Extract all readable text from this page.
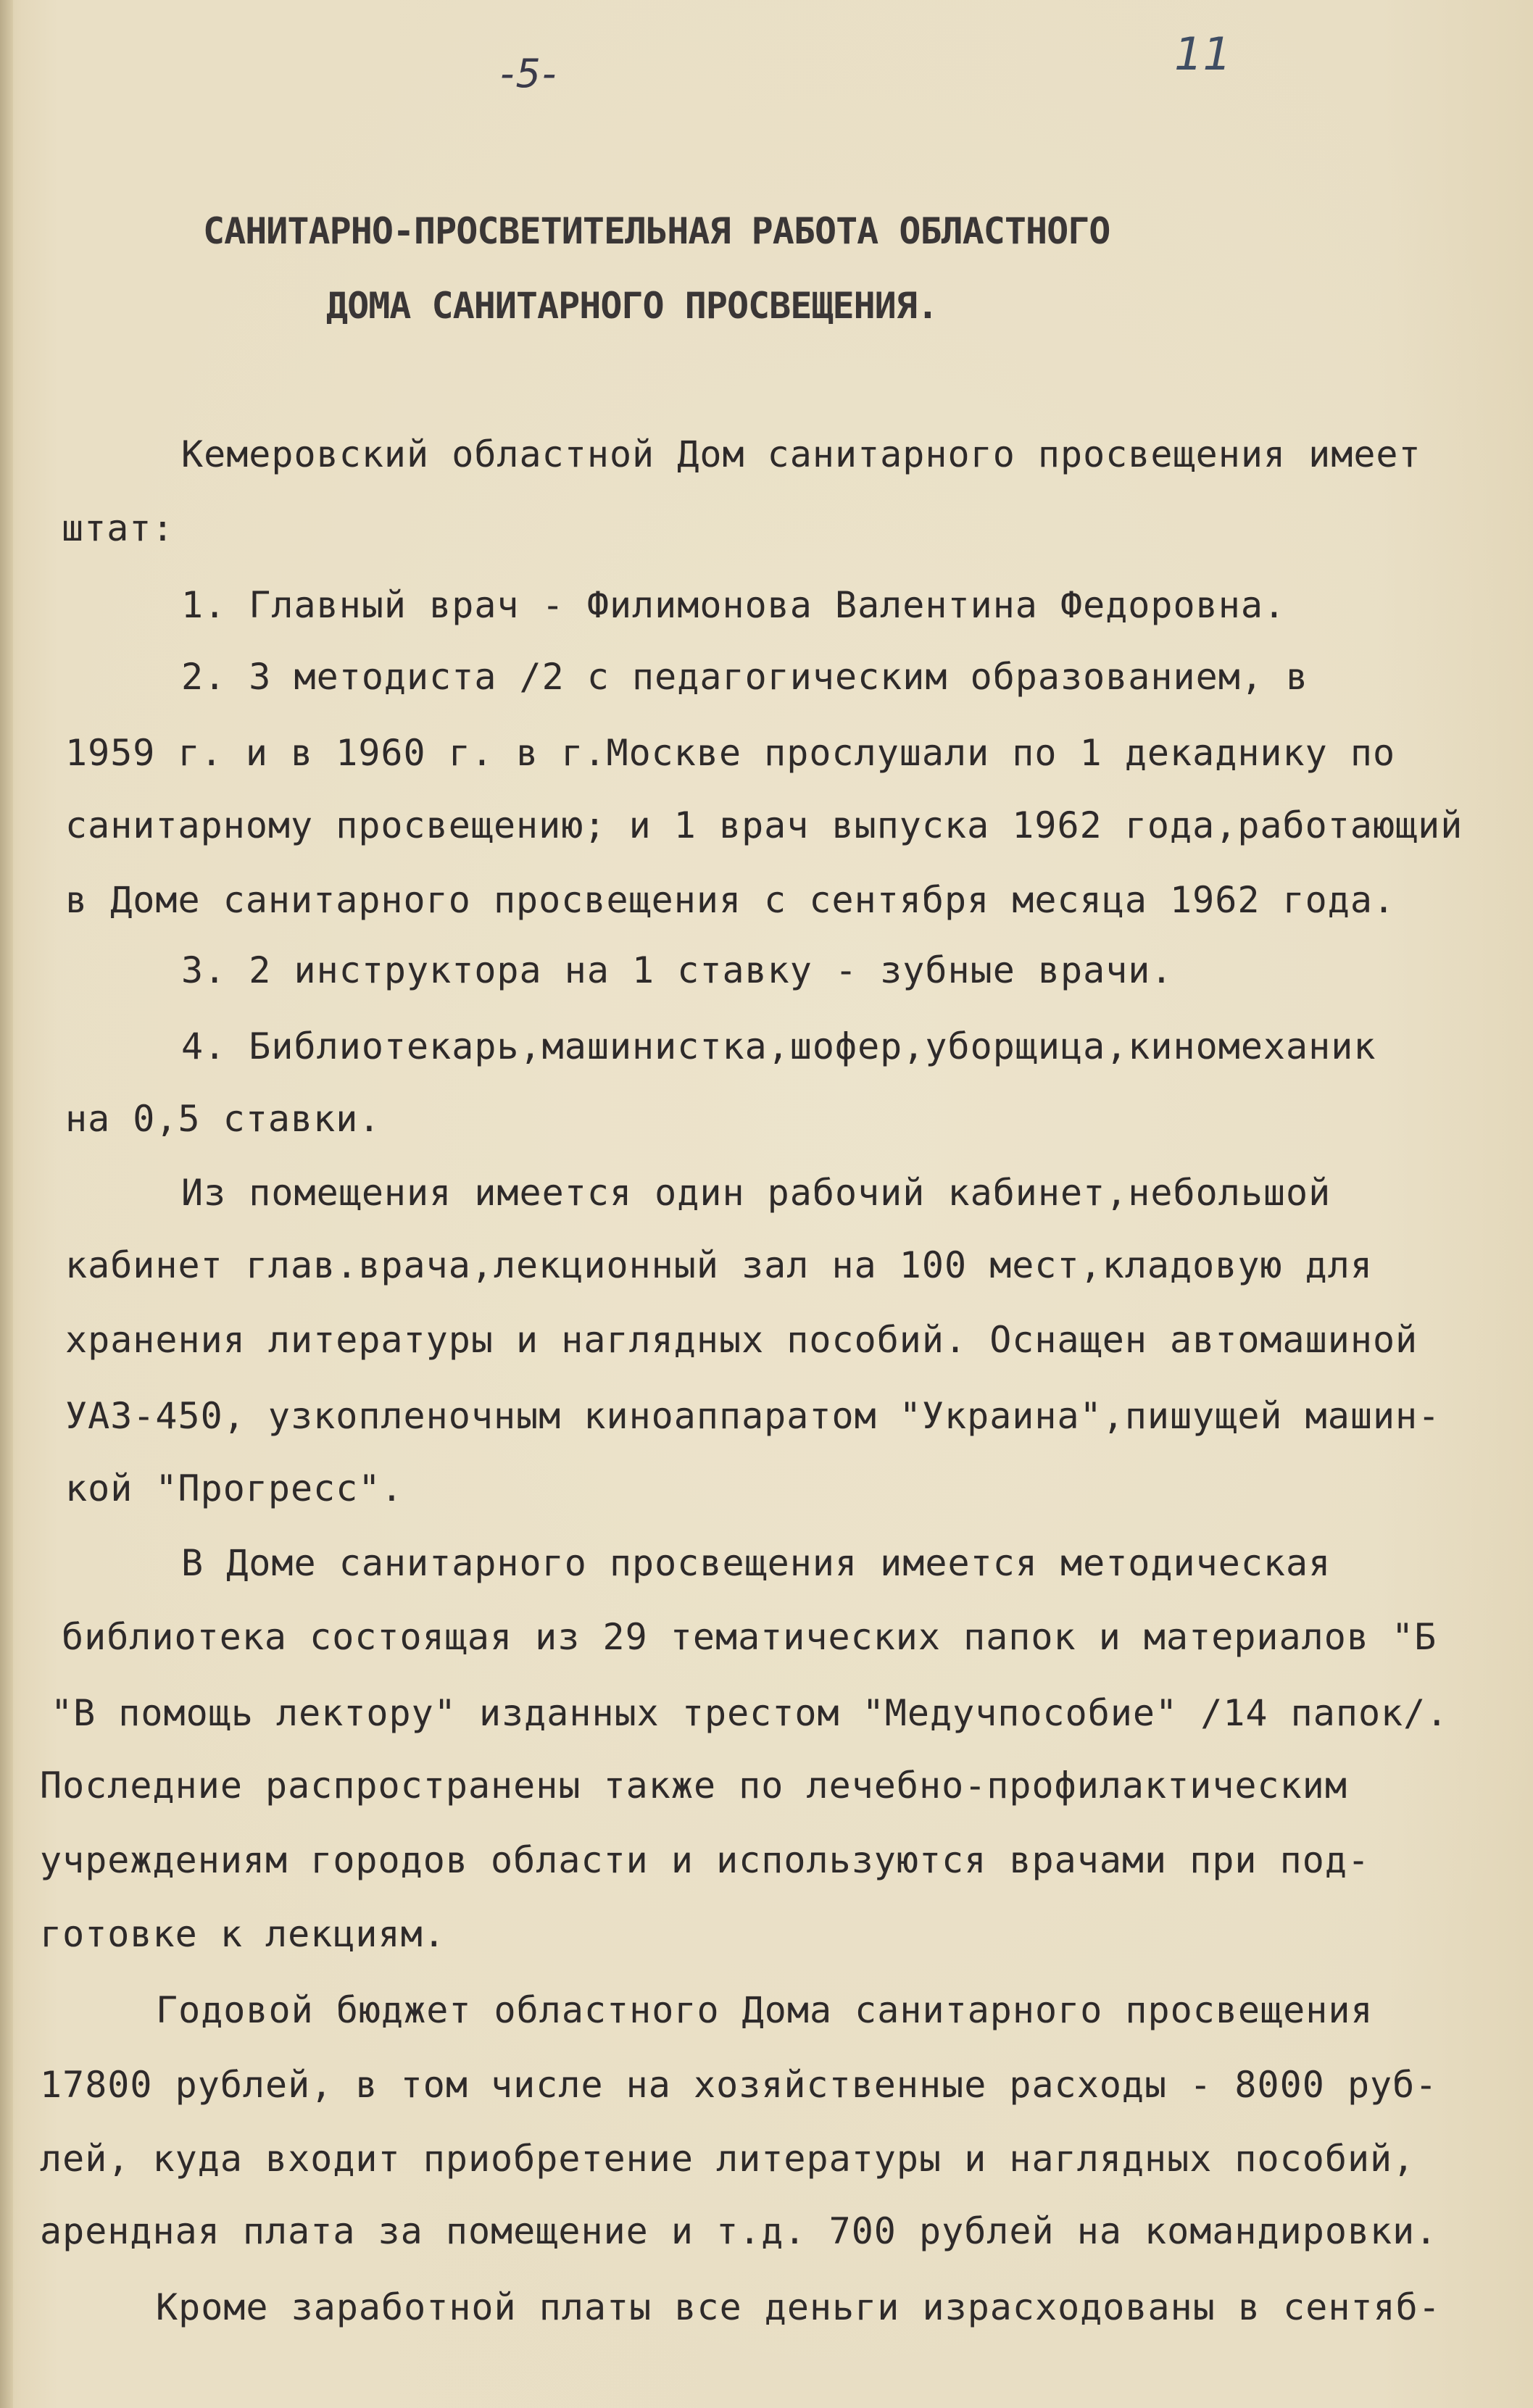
-5-	11
САНИТАРНО-ПРОСВЕТИТЕЛЬНАЯ РАБОТА ОБЛАСТНОГО
ДОМА САНИТАРНОГО ПРОСВЕЩЕНИЯ.
Кемеровский областной Дом санитарного просвещения имеет
штат:
1. Главный врач - Филимонова Валентина Федоровна.
2. 3 методиста /2 с педагогическим образованием, в
1959 г. и в 1960 г. в г.Москве прослушали по 1 декаднику по
санитарному просвещению; и 1 врач выпуска 1962 года,работающий
в Доме санитарного просвещения с сентября месяца 1962 года.
3. 2 инструктора на 1 ставку - зубные врачи.
4. Библиотекарь,машинистка,шофер,уборщица,киномеханик
на 0,5 ставки.
Из помещения имеется один рабочий кабинет,небольшой
кабинет глав.врача,лекционный зал на 100 мест,кладовую для
хранения литературы и наглядных пособий. Оснащен автомашиной
УАЗ-450, узкопленочным киноаппаратом "Украина",пишущей машин-
кой "Прогресс".
В Доме санитарного просвещения имеется методическая
библиотека состоящая из 29 тематических папок и материалов "Б
"В помощь лектору" изданных трестом "Медучпособие" /14 папок/.
Последние распространены также по лечебно-профилактическим
учреждениям городов области и используются врачами при под-
готовке к лекциям.
Годовой бюджет областного Дома санитарного просвещения
17800 рублей, в том числе на хозяйственные расходы - 8000 руб-
лей, куда входит приобретение литературы и наглядных пособий,
арендная плата за помещение и т.д. 700 рублей на командировки.
Кроме заработной платы все деньги израсходованы в сентяб-
